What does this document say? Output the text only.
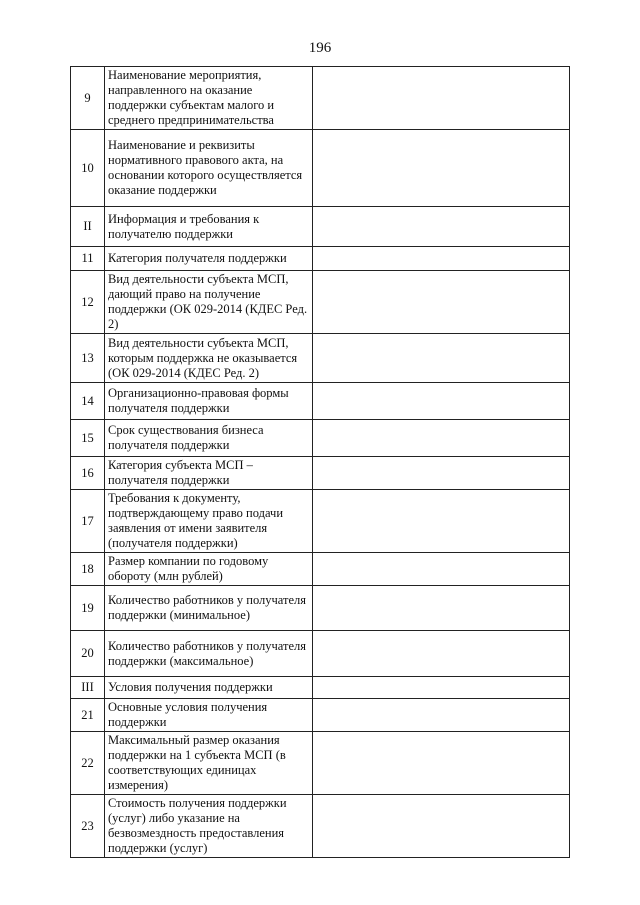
196
9	Наименование мероприятия, направленного на оказание поддержки субъектам малого и среднего предпринимательства	
10	Наименование и реквизиты нормативного правового акта, на основании которого осуществляется оказание поддержки	
II	Информация и требования к получателю поддержки	
11	Категория получателя поддержки	
12	Вид деятельности субъекта МСП, дающий право на получение поддержки (ОК 029-2014 (КДЕС Ред. 2)	
13	Вид деятельности субъекта МСП, которым поддержка не оказывается (ОК 029-2014 (КДЕС Ред. 2)	
14	Организационно-правовая формы получателя поддержки	
15	Срок существования бизнеса получателя поддержки	
16	Категория субъекта МСП – получателя поддержки	
17	Требования к документу, подтверждающему право подачи заявления от имени заявителя (получателя поддержки)	
18	Размер компании по годовому обороту (млн рублей)	
19	Количество работников у получателя поддержки (минимальное)	
20	Количество работников у получателя поддержки (максимальное)	
III	Условия получения поддержки	
21	Основные условия получения поддержки	
22	Максимальный размер оказания поддержки на 1 субъекта МСП (в соответствующих единицах измерения)	
23	Стоимость получения поддержки (услуг) либо указание на безвозмездность предоставления поддержки (услуг)	
